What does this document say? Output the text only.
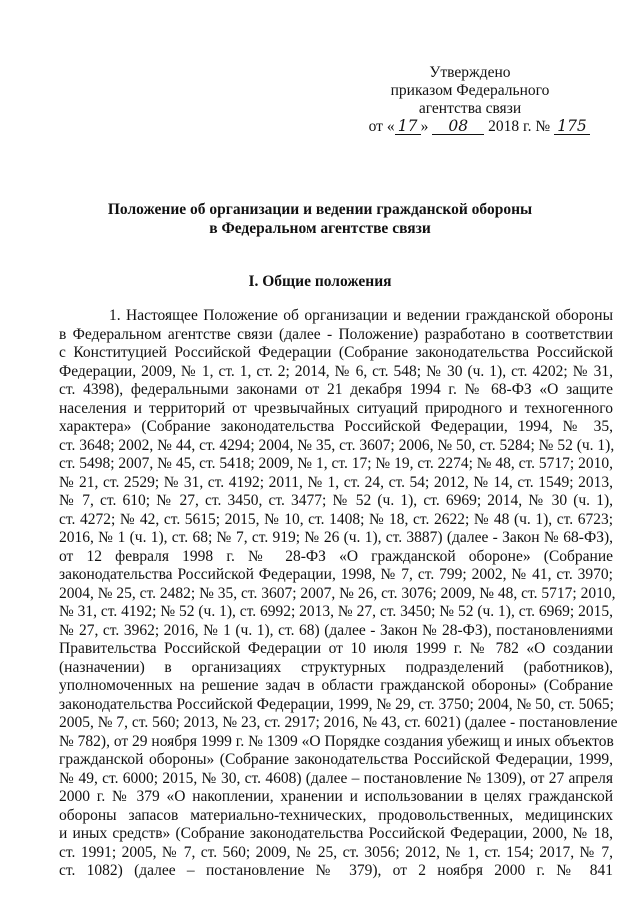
Утверждено
приказом Федерального
агентства связи
от « 17 » 08 2018 г. № 175
Положение об организации и ведении гражданской обороны
в Федеральном агентстве связи
I. Общие положения
1. Настоящее Положение об организации и ведении гражданской обороны
в Федеральном агентстве связи (далее - Положение) разработано в соответствии
с Конституцией Российской Федерации (Собрание законодательства Российской
Федерации, 2009, № 1, ст. 1, ст. 2; 2014, № 6, ст. 548; № 30 (ч. 1), ст. 4202; № 31,
ст. 4398), федеральными законами от 21 декабря 1994 г. № 68-ФЗ «О защите
населения и территорий от чрезвычайных ситуаций природного и техногенного
характера» (Собрание законодательства Российской Федерации, 1994, № 35,
ст. 3648; 2002, № 44, ст. 4294; 2004, № 35, ст. 3607; 2006, № 50, ст. 5284; № 52 (ч. 1),
ст. 5498; 2007, № 45, ст. 5418; 2009, № 1, ст. 17; № 19, ст. 2274; № 48, ст. 5717; 2010,
№ 21, ст. 2529; № 31, ст. 4192; 2011, № 1, ст. 24, ст. 54; 2012, № 14, ст. 1549; 2013,
№ 7, ст. 610; № 27, ст. 3450, ст. 3477; № 52 (ч. 1), ст. 6969; 2014, № 30 (ч. 1),
ст. 4272; № 42, ст. 5615; 2015, № 10, ст. 1408; № 18, ст. 2622; № 48 (ч. 1), ст. 6723;
2016, № 1 (ч. 1), ст. 68; № 7, ст. 919; № 26 (ч. 1), ст. 3887) (далее - Закон № 68-ФЗ),
от 12 февраля 1998 г. № 28-ФЗ «О гражданской обороне» (Собрание
законодательства Российской Федерации, 1998, № 7, ст. 799; 2002, № 41, ст. 3970;
2004, № 25, ст. 2482; № 35, ст. 3607; 2007, № 26, ст. 3076; 2009, № 48, ст. 5717; 2010,
№ 31, ст. 4192; № 52 (ч. 1), ст. 6992; 2013, № 27, ст. 3450; № 52 (ч. 1), ст. 6969; 2015,
№ 27, ст. 3962; 2016, № 1 (ч. 1), ст. 68) (далее - Закон № 28-ФЗ), постановлениями
Правительства Российской Федерации от 10 июля 1999 г. № 782 «О создании
(назначении) в организациях структурных подразделений (работников),
уполномоченных на решение задач в области гражданской обороны» (Собрание
законодательства Российской Федерации, 1999, № 29, ст. 3750; 2004, № 50, ст. 5065;
2005, № 7, ст. 560; 2013, № 23, ст. 2917; 2016, № 43, ст. 6021) (далее - постановление
№ 782), от 29 ноября 1999 г. № 1309 «О Порядке создания убежищ и иных объектов
гражданской обороны» (Собрание законодательства Российской Федерации, 1999,
№ 49, ст. 6000; 2015, № 30, ст. 4608) (далее – постановление № 1309), от 27 апреля
2000 г. № 379 «О накоплении, хранении и использовании в целях гражданской
обороны запасов материально-технических, продовольственных, медицинских
и иных средств» (Собрание законодательства Российской Федерации, 2000, № 18,
ст. 1991; 2005, № 7, ст. 560; 2009, № 25, ст. 3056; 2012, № 1, ст. 154; 2017, № 7,
ст. 1082) (далее – постановление № 379), от 2 ноября 2000 г. № 841
